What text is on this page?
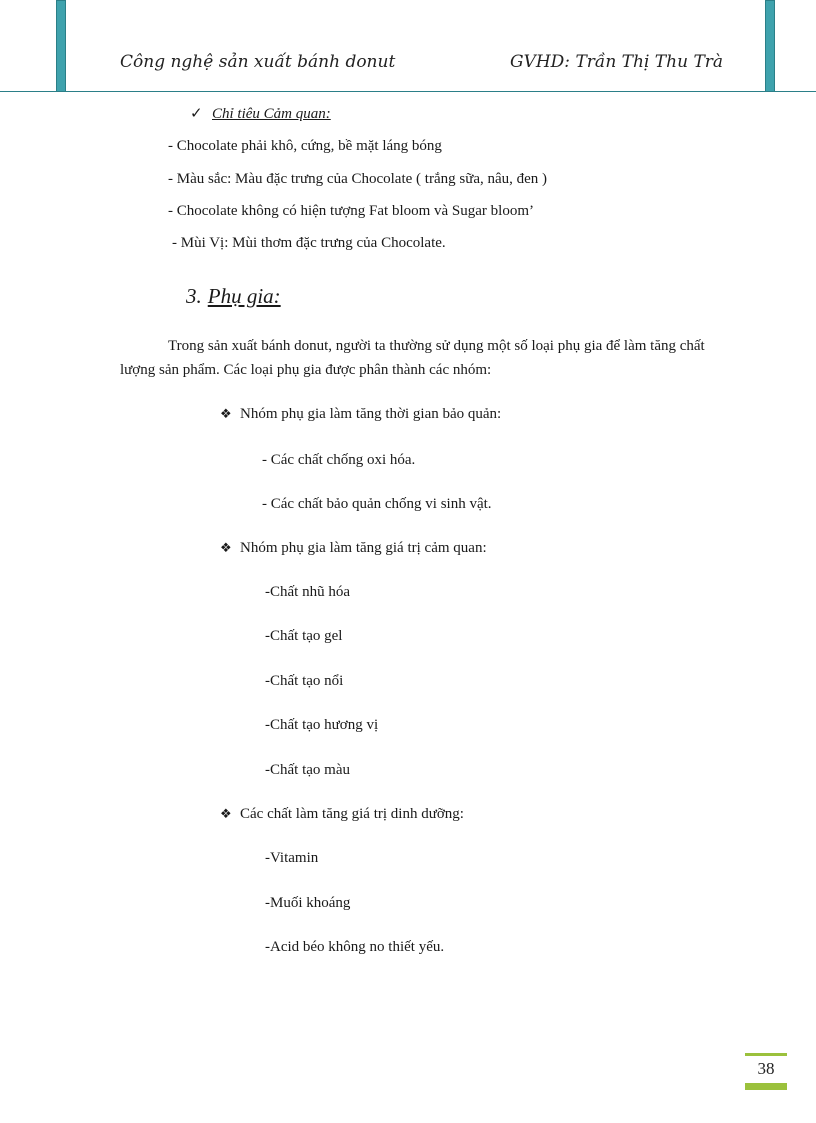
Công nghệ sản xuất bánh donut	GVHD: Trần Thị Thu Trà
✓ Chỉ tiêu Cảm quan:
- Chocolate phải khô, cứng, bề mặt láng bóng
- Màu sắc: Màu đặc trưng của Chocolate ( trắng sữa, nâu, đen )
- Chocolate không có hiện tượng Fat bloom và Sugar bloom’
- Mùi Vị: Mùi thơm đặc trưng của Chocolate.
3. Phụ gia:
Trong sản xuất bánh donut, người ta thường sử dụng một số loại phụ gia để làm tăng chất lượng sản phẩm. Các loại phụ gia được phân thành các nhóm:
❖ Nhóm phụ gia làm tăng thời gian bảo quản:
- Các chất chống oxi hóa.
- Các chất bảo quản chống vi sinh vật.
❖ Nhóm phụ gia làm tăng giá trị cảm quan:
-Chất nhũ hóa
-Chất tạo gel
-Chất tạo nổi
-Chất tạo hương vị
-Chất tạo màu
❖ Các chất làm tăng giá trị dinh dưỡng:
-Vitamin
-Muối khoáng
-Acid béo không no thiết yếu.
38
